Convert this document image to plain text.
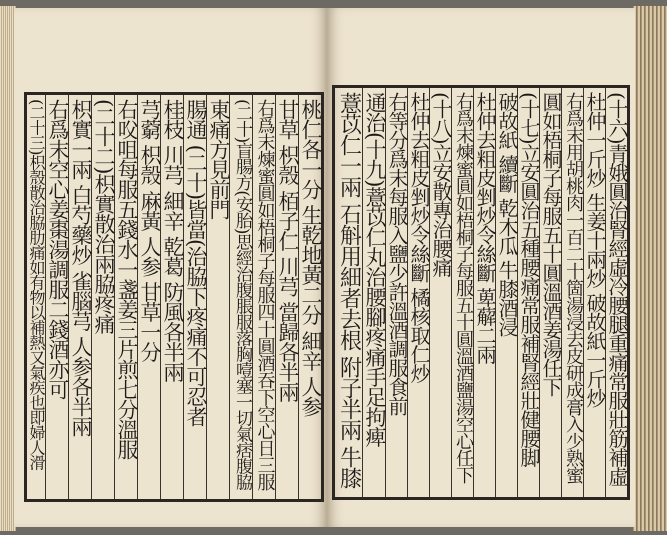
桃仁各一分 生乾地黃二分 細辛 人参
甘草 枳殼 栢子仁 川芎 當歸各半兩
右爲末煉蜜圓如梧桐子每服四十圓酒吞下空心日三服
(二十)盲腸方(安胎)思經治腹脹服落胸噎塞一切氣痞腹脇
東痛方見前門
腸通 (二十)皆當(治脇下疼痛不可忍者
桂枝 川芎 細辛 乾葛 防風各半兩
芎藭 枳殼 麻黃 人参 甘草一分
右㕮咀每服五錢水一盞姜三片煎七分溫服
(二十二)枳實散治兩脇疼痛
枳實一兩 白芍藥炒 雀腦芎 人参各半兩
右爲末空心姜棗湯調服二錢酒亦可
(二十三)枳殼散治脇肋痛如有物以補熱又氣疾也即婦人滑	(十六)青娥圓治腎經虛冷腰腿重痛常服壯筋補虛
杜仲一斤炒 生姜十兩炒 破故紙一斤炒
右爲末用胡桃肉一百二十箇湯浸去皮研成膏入少熟蜜
圓如梧桐子每服五十圓溫酒姜湯任下
(十七)立安圓治五種腰痛常服補腎經壯健腰脚
破故紙 續斷 乾木瓜 牛膝酒浸
杜仲去粗皮剉炒令絲斷 萆薢二兩
右爲末煉蜜圓如梧桐子每服五十圓溫酒鹽湯空心任下
(十八)立安散專治腰痛
杜仲去粗皮剉炒令絲斷 橘核取仁炒
右等分爲末每服入鹽少許溫酒調服食前
通治(十九)薏苡仁丸治腰腳疼痛手足拘痺
薏苡仁一兩 石斛用細者去根 附子半兩 牛膝
